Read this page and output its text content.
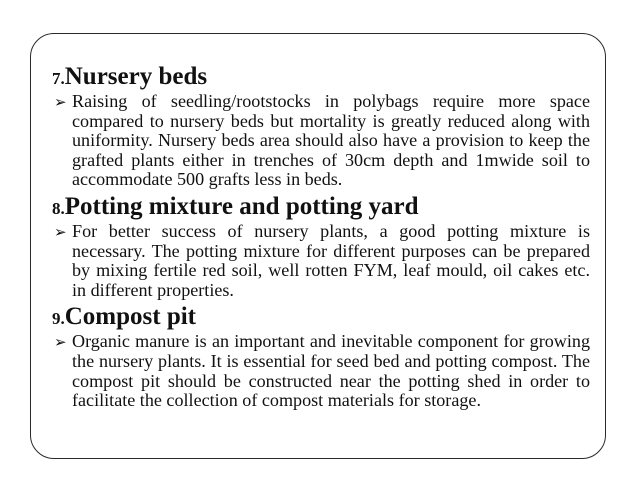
7. Nursery beds
➢ Raising of seedling/rootstocks in polybags require more space compared to nursery beds but mortality is greatly reduced along with uniformity. Nursery beds area should also have a provision to keep the grafted plants either in trenches of 30cm depth and 1mwide soil to accommodate 500 grafts less in beds.
8. Potting mixture and potting yard
➢ For better success of nursery plants, a good potting mixture is necessary. The potting mixture for different purposes can be prepared by mixing fertile red soil, well rotten FYM, leaf mould, oil cakes etc. in different properties.
9. Compost pit
➢ Organic manure is an important and inevitable component for growing the nursery plants. It is essential for seed bed and potting compost. The compost pit should be constructed near the potting shed in order to facilitate the collection of compost materials for storage.
